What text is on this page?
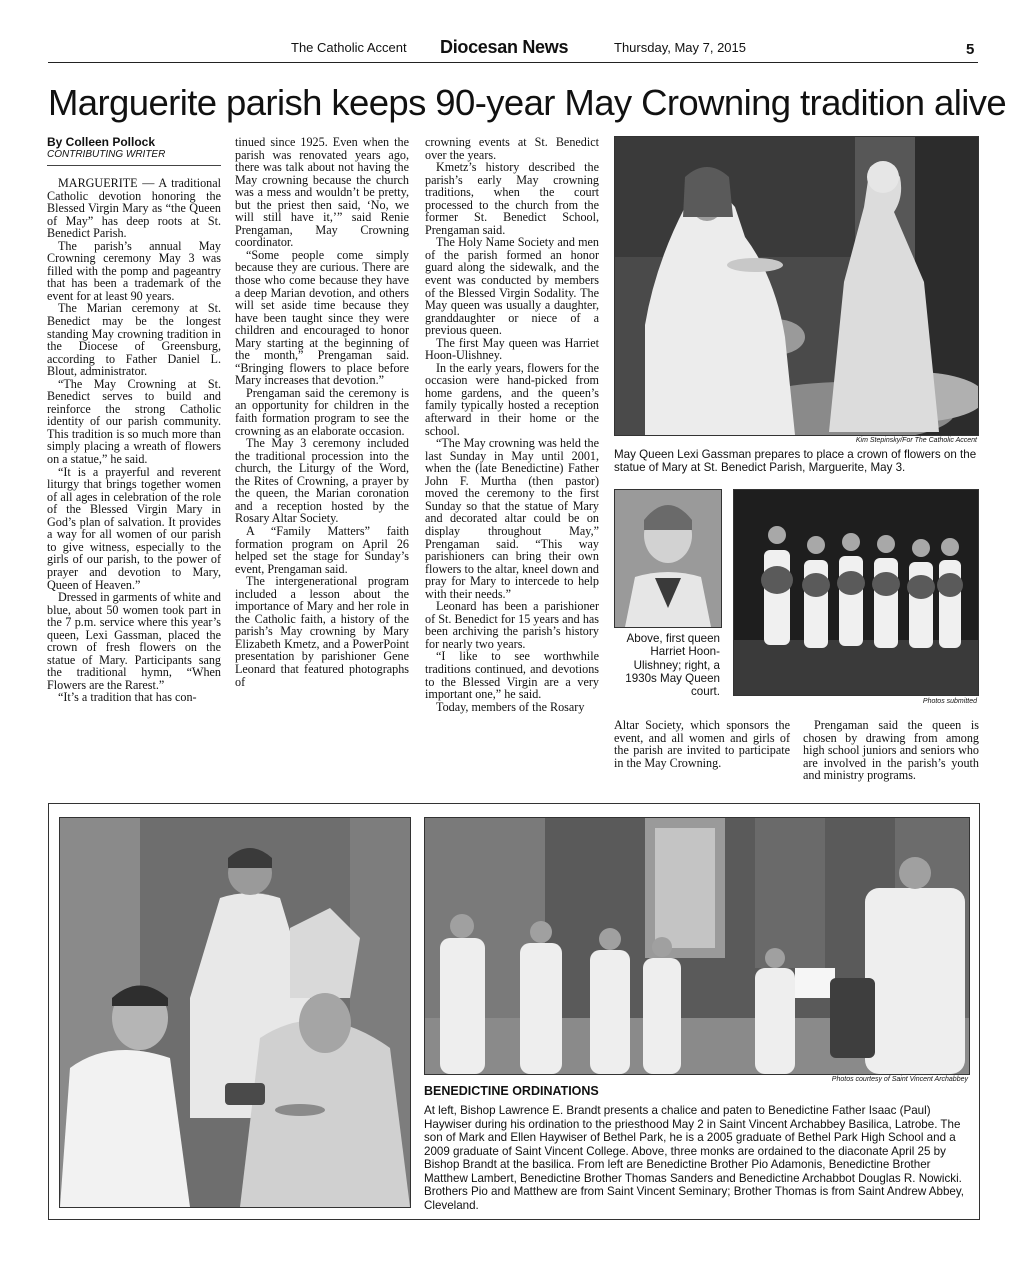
The Catholic Accent Diocesan News	Thursday, May 7, 2015	5
Marguerite parish keeps 90-year May Crowning tradition alive
By Colleen Pollock
CONTRIBUTING WRITER

MARGUERITE — A traditional Catholic devotion honoring the Blessed Virgin Mary as “the Queen of May” has deep roots at St. Benedict Parish.

The parish’s annual May Crowning ceremony May 3 was filled with the pomp and pageantry that has been a trademark of the event for at least 90 years.

The Marian ceremony at St. Benedict may be the longest standing May crowning tradition in the Diocese of Greensburg, according to Father Daniel L. Blout, administrator.

“The May Crowning at St. Benedict serves to build and reinforce the strong Catholic identity of our parish community. This tradition is so much more than simply placing a wreath of flowers on a statue,” he said.

“It is a prayerful and reverent liturgy that brings together women of all ages in celebration of the role of the Blessed Virgin Mary in God’s plan of salvation. It provides a way for all women of our parish to give witness, especially to the girls of our parish, to the power of prayer and devotion to Mary, Queen of Heaven.”

Dressed in garments of white and blue, about 50 women took part in the 7 p.m. service where this year’s queen, Lexi Gassman, placed the crown of fresh flowers on the statue of Mary. Participants sang the traditional hymn, “When Flowers are the Rarest.”

“It’s a tradition that has con-

tinued since 1925. Even when the parish was renovated years ago, there was talk about not having the May crowning because the church was a mess and wouldn’t be pretty, but the priest then said, ‘No, we will still have it,’” said Renie Prengaman, May Crowning coordinator.

“Some people come simply because they are curious. There are those who come because they have a deep Marian devotion, and others will set aside time because they have been taught since they were children and encouraged to honor Mary starting at the beginning of the month,” Prengaman said. “Bringing flowers to place before Mary increases that devotion.”

Prengaman said the ceremony is an opportunity for children in the faith formation program to see the crowning as an elaborate occasion.

The May 3 ceremony included the traditional procession into the church, the Liturgy of the Word, the Rites of Crowning, a prayer by the queen, the Marian coronation and a reception hosted by the Rosary Altar Society.

A “Family Matters” faith formation program on April 26 helped set the stage for Sunday’s event, Prengaman said.

The intergenerational program included a lesson about the importance of Mary and her role in the Catholic faith, a history of the parish’s May crowning by Mary Elizabeth Kmetz, and a PowerPoint presentation by parishioner Gene Leonard that featured photographs of

crowning events at St. Benedict over the years.

Kmetz’s history described the parish’s early May crowning traditions, when the court processed to the church from the former St. Benedict School, Prengaman said.

The Holy Name Society and men of the parish formed an honor guard along the sidewalk, and the event was conducted by members of the Blessed Virgin Sodality. The May queen was usually a daughter, granddaughter or niece of a previous queen.

The first May queen was Harriet Hoon-Ulishney.

In the early years, flowers for the occasion were hand-picked from home gardens, and the queen’s family typically hosted a reception afterward in their home or the school.

“The May crowning was held the last Sunday in May until 2001, when the (late Benedictine) Father John F. Murtha (then pastor) moved the ceremony to the first Sunday so that the statue of Mary and decorated altar could be on display throughout May,” Prengaman said. “This way parishioners can bring their own flowers to the altar, kneel down and pray for Mary to intercede to help with their needs.”

Leonard has been a parishioner of St. Benedict for 15 years and has been archiving the parish’s history for nearly two years.

“I like to see worthwhile traditions continued, and devotions to the Blessed Virgin are a very important one,” he said.

Today, members of the Rosary

Kim Stepinsky/For The Catholic Accent
May Queen Lexi Gassman prepares to place a crown of flowers on the statue of Mary at St. Benedict Parish, Marguerite, May 3.
Above, first queen Harriet Hoon-Ulishney; right, a 1930s May Queen court.
Photos submitted

Altar Society, which sponsors the event, and all women and girls of the parish are invited to participate in the May Crowning.

Prengaman said the queen is chosen by drawing from among high school juniors and seniors who are involved in the parish’s youth and ministry programs.

Photos courtesy of Saint Vincent Archabbey
BENEDICTINE ORDINATIONS
At left, Bishop Lawrence E. Brandt presents a chalice and paten to Benedictine Father Isaac (Paul) Haywiser during his ordination to the priesthood May 2 in Saint Vincent Archabbey Basilica, Latrobe. The son of Mark and Ellen Haywiser of Bethel Park, he is a 2005 graduate of Bethel Park High School and a 2009 graduate of Saint Vincent College. Above, three monks are ordained to the diaconate April 25 by Bishop Brandt at the basilica. From left are Benedictine Brother Pio Adamonis, Benedictine Brother Matthew Lambert, Benedictine Brother Thomas Sanders and Benedictine Archabbot Douglas R. Nowicki. Brothers Pio and Matthew are from Saint Vincent Seminary; Brother Thomas is from Saint Andrew Abbey, Cleveland.
